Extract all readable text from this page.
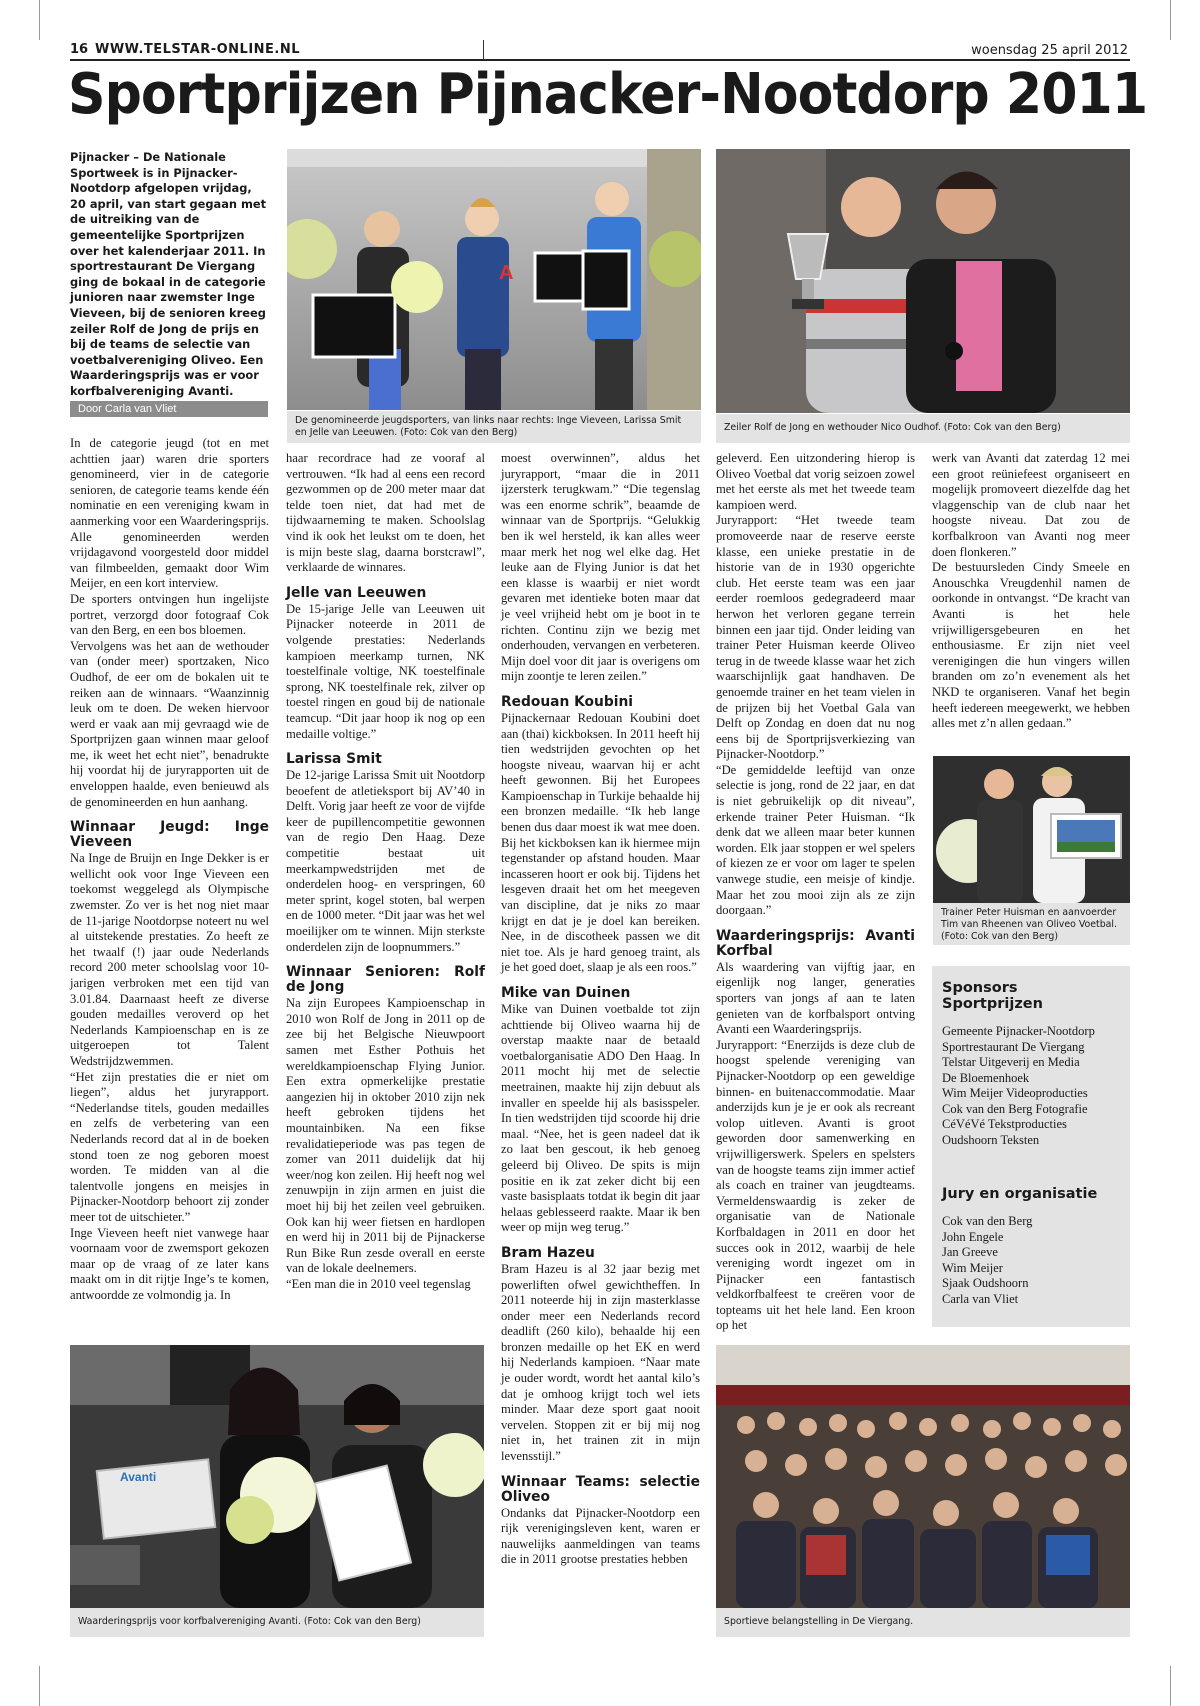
16 WWW.TELSTAR-ONLINE.NL	woensdag 25 april 2012
Sportprijzen Pijnacker-Nootdorp 2011
Pijnacker – De Nationale Sportweek is in Pijnacker-Nootdorp afgelopen vrijdag, 20 april, van start gegaan met de uitreiking van de gemeentelijke Sportprijzen over het kalenderjaar 2011. In sportrestaurant De Viergang ging de bokaal in de categorie junioren naar zwemster Inge Vieveen, bij de senioren kreeg zeiler Rolf de Jong de prijs en bij de teams de selectie van voetbalvereniging Oliveo. Een Waarderingsprijs was er voor korfbalvereniging Avanti.
Door Carla van Vliet
A
De genomineerde jeugdsporters, van links naar rechts: Inge Vieveen, Larissa Smit en Jelle van Leeuwen. (Foto: Cok van den Berg)	Zeiler Rolf de Jong en wethouder Nico Oudhof. (Foto: Cok van den Berg)
Trainer Peter Huisman en aanvoerder Tim van Rheenen van Oliveo Voetbal. (Foto: Cok van den Berg)
Avanti
Waarderingsprijs voor korfbalvereniging Avanti. (Foto: Cok van den Berg)	Sportieve belangstelling in De Viergang.

In de categorie jeugd (tot en met achttien jaar) waren drie sporters genomineerd, vier in de categorie senioren, de categorie teams kende één nominatie en een vereniging kwam in aanmerking voor een Waarderingsprijs. Alle genomineerden werden vrijdagavond voorgesteld door middel van filmbeelden, gemaakt door Wim Meijer, en een kort interview.

De sporters ontvingen hun ingelijste portret, verzorgd door fotograaf Cok van den Berg, en een bos bloemen.

Vervolgens was het aan de wethouder van (onder meer) sportzaken, Nico Oudhof, de eer om de bokalen uit te reiken aan de winnaars. “Waanzinnig leuk om te doen. De weken hiervoor werd er vaak aan mij gevraagd wie de Sportprijzen gaan winnen maar geloof me, ik weet het echt niet”, benadrukte hij voordat hij de juryrapporten uit de enveloppen haalde, even benieuwd als de genomineerden en hun aanhang.

Winnaar Jeugd: Inge Vieveen

Na Inge de Bruijn en Inge Dekker is er wellicht ook voor Inge Vieveen een toekomst weggelegd als Olympische zwemster. Zo ver is het nog niet maar de 11-jarige Nootdorpse noteert nu wel al uitstekende prestaties. Zo heeft ze het twaalf (!) jaar oude Nederlands record 200 meter schoolslag voor 10-jarigen verbroken met een tijd van 3.01.84. Daarnaast heeft ze diverse gouden medailles veroverd op het Nederlands Kampioenschap en is ze uitgeroepen tot Talent Wedstrijdzwemmen.

“Het zijn prestaties die er niet om liegen”, aldus het juryrapport. “Nederlandse titels, gouden medailles en zelfs de verbetering van een Nederlands record dat al in de boeken stond toen ze nog geboren moest worden. Te midden van al die talentvolle jongens en meisjes in Pijnacker-Nootdorp behoort zij zonder meer tot de uitschieter.”

Inge Vieveen heeft niet vanwege haar voornaam voor de zwemsport gekozen maar op de vraag of ze later kans maakt om in dit rijtje Inge’s te komen, antwoordde ze volmondig ja. In

haar recordrace had ze vooraf al vertrouwen. “Ik had al eens een record gezwommen op de 200 meter maar dat telde toen niet, dat had met de tijdwaarneming te maken. Schoolslag vind ik ook het leukst om te doen, het is mijn beste slag, daarna borstcrawl”, verklaarde de winnares.

Jelle van Leeuwen

De 15-jarige Jelle van Leeuwen uit Pijnacker noteerde in 2011 de volgende prestaties: Nederlands kampioen meerkamp turnen, NK toestelfinale voltige, NK toestelfinale sprong, NK toestelfinale rek, zilver op toestel ringen en goud bij de nationale teamcup. “Dit jaar hoop ik nog op een medaille voltige.”

Larissa Smit

De 12-jarige Larissa Smit uit Nootdorp beoefent de atletieksport bij AV’40 in Delft. Vorig jaar heeft ze voor de vijfde keer de pupillencompetitie gewonnen van de regio Den Haag. Deze competitie bestaat uit meerkampwedstrijden met de onderdelen hoog- en verspringen, 60 meter sprint, kogel stoten, bal werpen en de 1000 meter. “Dit jaar was het wel moeilijker om te winnen. Mijn sterkste onderdelen zijn de loopnummers.”

Winnaar Senioren: Rolf de Jong

Na zijn Europees Kampioenschap in 2010 won Rolf de Jong in 2011 op de zee bij het Belgische Nieuwpoort samen met Esther Pothuis het wereldkampioenschap Flying Junior. Een extra opmerkelijke prestatie aangezien hij in oktober 2010 zijn nek heeft gebroken tijdens het mountainbiken. Na een fikse revalidatieperiode was pas tegen de zomer van 2011 duidelijk dat hij weer/nog kon zeilen. Hij heeft nog wel zenuwpijn in zijn armen en juist die moet hij bij het zeilen veel gebruiken. Ook kan hij weer fietsen en hardlopen en werd hij in 2011 bij de Pijnackerse Run Bike Run zesde overall en eerste van de lokale deelnemers.

“Een man die in 2010 veel tegenslag

moest overwinnen”, aldus het juryrapport, “maar die in 2011 ijzersterk terugkwam.” “Die tegenslag was een enorme schrik”, beaamde de winnaar van de Sportprijs. “Gelukkig ben ik wel hersteld, ik kan alles weer maar merk het nog wel elke dag. Het leuke aan de Flying Junior is dat het een klasse is waarbij er niet wordt gevaren met identieke boten maar dat je veel vrijheid hebt om je boot in te richten. Continu zijn we bezig met onderhouden, vervangen en verbeteren. Mijn doel voor dit jaar is overigens om mijn zoontje te leren zeilen.”

Redouan Koubini

Pijnackernaar Redouan Koubini doet aan (thai) kickboksen. In 2011 heeft hij tien wedstrijden gevochten op het hoogste niveau, waarvan hij er acht heeft gewonnen. Bij het Europees Kampioenschap in Turkije behaalde hij een bronzen medaille. “Ik heb lange benen dus daar moest ik wat mee doen. Bij het kickboksen kan ik hiermee mijn tegenstander op afstand houden. Maar incasseren hoort er ook bij. Tijdens het lesgeven draait het om het meegeven van discipline, dat je niks zo maar krijgt en dat je je doel kan bereiken. Nee, in de discotheek passen we dit niet toe. Als je hard genoeg traint, als je het goed doet, slaap je als een roos.”

Mike van Duinen

Mike van Duinen voetbalde tot zijn achttiende bij Oliveo waarna hij de overstap maakte naar de betaald voetbalorganisatie ADO Den Haag. In 2011 mocht hij met de selectie meetrainen, maakte hij zijn debuut als invaller en speelde hij als basisspeler. In tien wedstrijden tijd scoorde hij drie maal. “Nee, het is geen nadeel dat ik zo laat ben gescout, ik heb genoeg geleerd bij Oliveo. De spits is mijn positie en ik zat zeker dicht bij een vaste basisplaats totdat ik begin dit jaar helaas geblesseerd raakte. Maar ik ben weer op mijn weg terug.”

Bram Hazeu

Bram Hazeu is al 32 jaar bezig met powerliften ofwel gewichtheffen. In 2011 noteerde hij in zijn masterklasse onder meer een Nederlands record deadlift (260 kilo), behaalde hij een bronzen medaille op het EK en werd hij Nederlands kampioen. “Naar mate je ouder wordt, wordt het aantal kilo’s dat je omhoog krijgt toch wel iets minder. Maar deze sport gaat nooit vervelen. Stoppen zit er bij mij nog niet in, het trainen zit in mijn levensstijl.”

Winnaar Teams: selectie Oliveo

Ondanks dat Pijnacker-Nootdorp een rijk verenigingsleven kent, waren er nauwelijks aanmeldingen van teams die in 2011 grootse prestaties hebben

geleverd. Een uitzondering hierop is Oliveo Voetbal dat vorig seizoen zowel met het eerste als met het tweede team kampioen werd.

Juryrapport: “Het tweede team promoveerde naar de reserve eerste klasse, een unieke prestatie in de historie van de in 1930 opgerichte club. Het eerste team was een jaar eerder roemloos gedegradeerd maar herwon het verloren gegane terrein binnen een jaar tijd. Onder leiding van trainer Peter Huisman keerde Oliveo terug in de tweede klasse waar het zich waarschijnlijk gaat handhaven. De genoemde trainer en het team vielen in de prijzen bij het Voetbal Gala van Delft op Zondag en doen dat nu nog eens bij de Sportprijsverkiezing van Pijnacker-Nootdorp.”

“De gemiddelde leeftijd van onze selectie is jong, rond de 22 jaar, en dat is niet gebruikelijk op dit niveau”, erkende trainer Peter Huisman. “Ik denk dat we alleen maar beter kunnen worden. Elk jaar stoppen er wel spelers of kiezen ze er voor om lager te spelen vanwege studie, een meisje of kindje. Maar het zou mooi zijn als ze zijn doorgaan.”

Waarderingsprijs: Avanti Korfbal

Als waardering van vijftig jaar, en eigenlijk nog langer, generaties sporters van jongs af aan te laten genieten van de korfbalsport ontving Avanti een Waarderingsprijs.

Juryrapport: “Enerzijds is deze club de hoogst spelende vereniging van Pijnacker-Nootdorp op een geweldige binnen- en buitenaccommodatie. Maar anderzijds kun je je er ook als recreant volop uitleven. Avanti is groot geworden door samenwerking en vrijwilligerswerk. Spelers en spelsters van de hoogste teams zijn immer actief als coach en trainer van jeugdteams. Vermeldenswaardig is zeker de organisatie van de Nationale Korfbaldagen in 2011 en door het succes ook in 2012, waarbij de hele vereniging wordt ingezet om in Pijnacker een fantastisch veldkorfbalfeest te creëren voor de topteams uit het hele land. Een kroon op het

werk van Avanti dat zaterdag 12 mei een groot reüniefeest organiseert en mogelijk promoveert diezelfde dag het vlaggenschip van de club naar het hoogste niveau. Dat zou de korfbalkroon van Avanti nog meer doen flonkeren.”

De bestuursleden Cindy Smeele en Anouschka Vreugdenhil namen de oorkonde in ontvangst. “De kracht van Avanti is het hele vrijwilligersgebeuren en het enthousiasme. Er zijn niet veel verenigingen die hun vingers willen branden om zo’n evenement als het NKD te organiseren. Vanaf het begin heeft iedereen meegewerkt, we hebben alles met z’n allen gedaan.”

Sponsors Sportprijzen
Gemeente Pijnacker-Nootdorp
Sportrestaurant De Viergang
Telstar Uitgeverij en Media
De Bloemenhoek
Wim Meijer Videoproducties
Cok van den Berg Fotografie
CéVéVé Tekstproducties
Oudshoorn Teksten
Jury en organisatie
Cok van den Berg
John Engele
Jan Greeve
Wim Meijer
Sjaak Oudshoorn
Carla van Vliet
